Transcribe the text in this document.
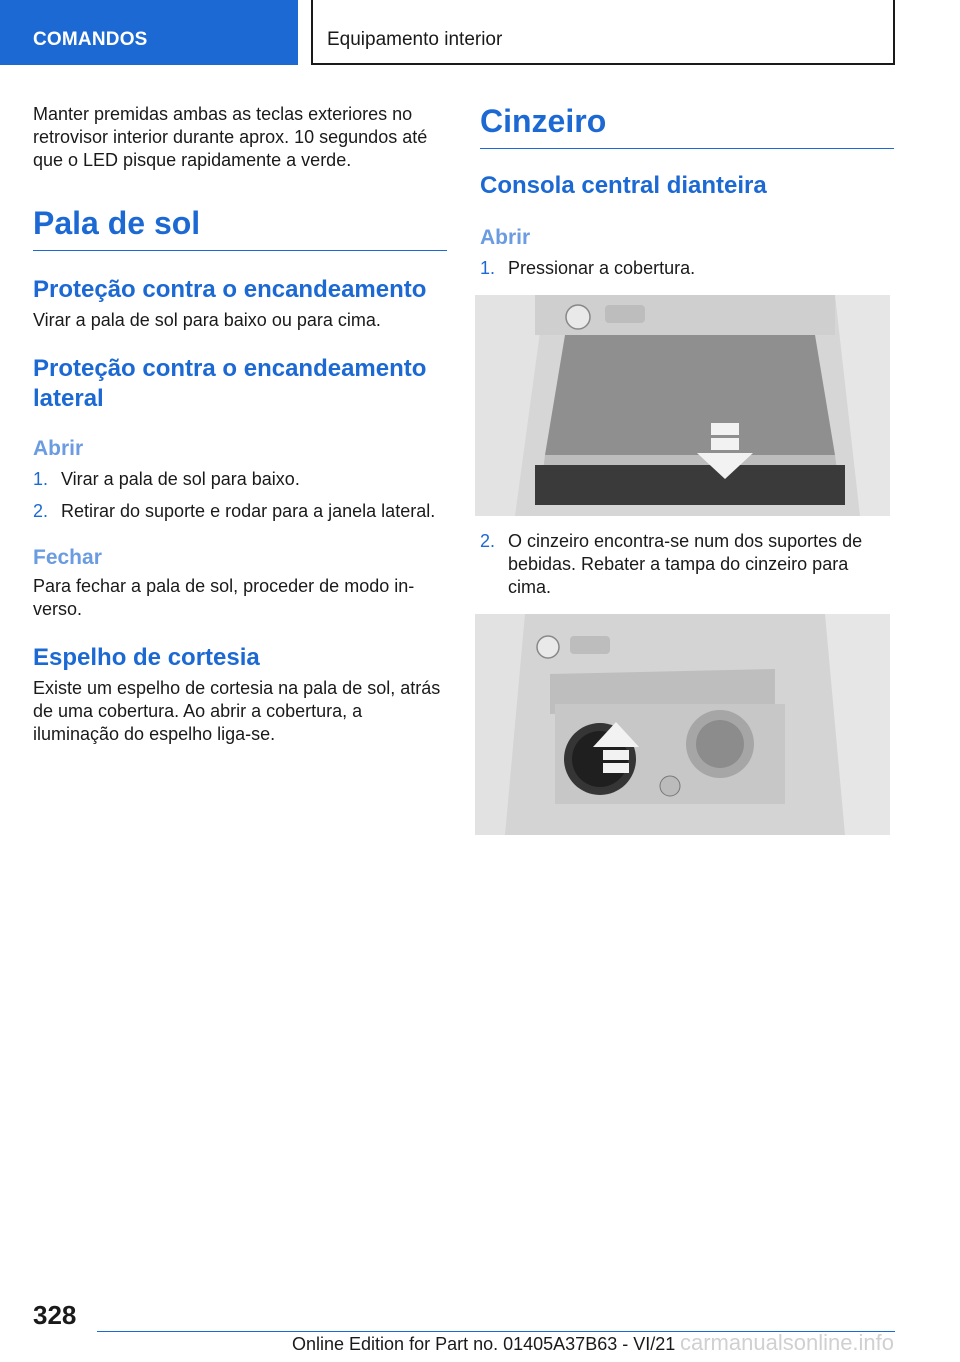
COMANDOS	Equipamento interior

Manter premidas ambas as teclas exteriores no retrovisor interior durante aprox. 10 segundos até que o LED pisque rapidamente a verde.

Pala de sol
Proteção contra o encandeamento

Virar a pala de sol para baixo ou para cima.

Proteção contra o encandeamento lateral
Abrir
1. Virar a pala de sol para baixo.
2. Retirar do suporte e rodar para a janela lateral.
Fechar

Para fechar a pala de sol, proceder de modo inverso.

Espelho de cortesia

Existe um espelho de cortesia na pala de sol, atrás de uma cobertura. Ao abrir a cobertura, a iluminação do espelho liga-se.

Cinzeiro
Consola central dianteira
Abrir
1. Pressionar a cobertura.
2. O cinzeiro encontra-se num dos suportes de bebidas. Rebater a tampa do cinzeiro para cima.
328
Online Edition for Part no. 01405A37B63 - VI/21 carmanualsonline.info
